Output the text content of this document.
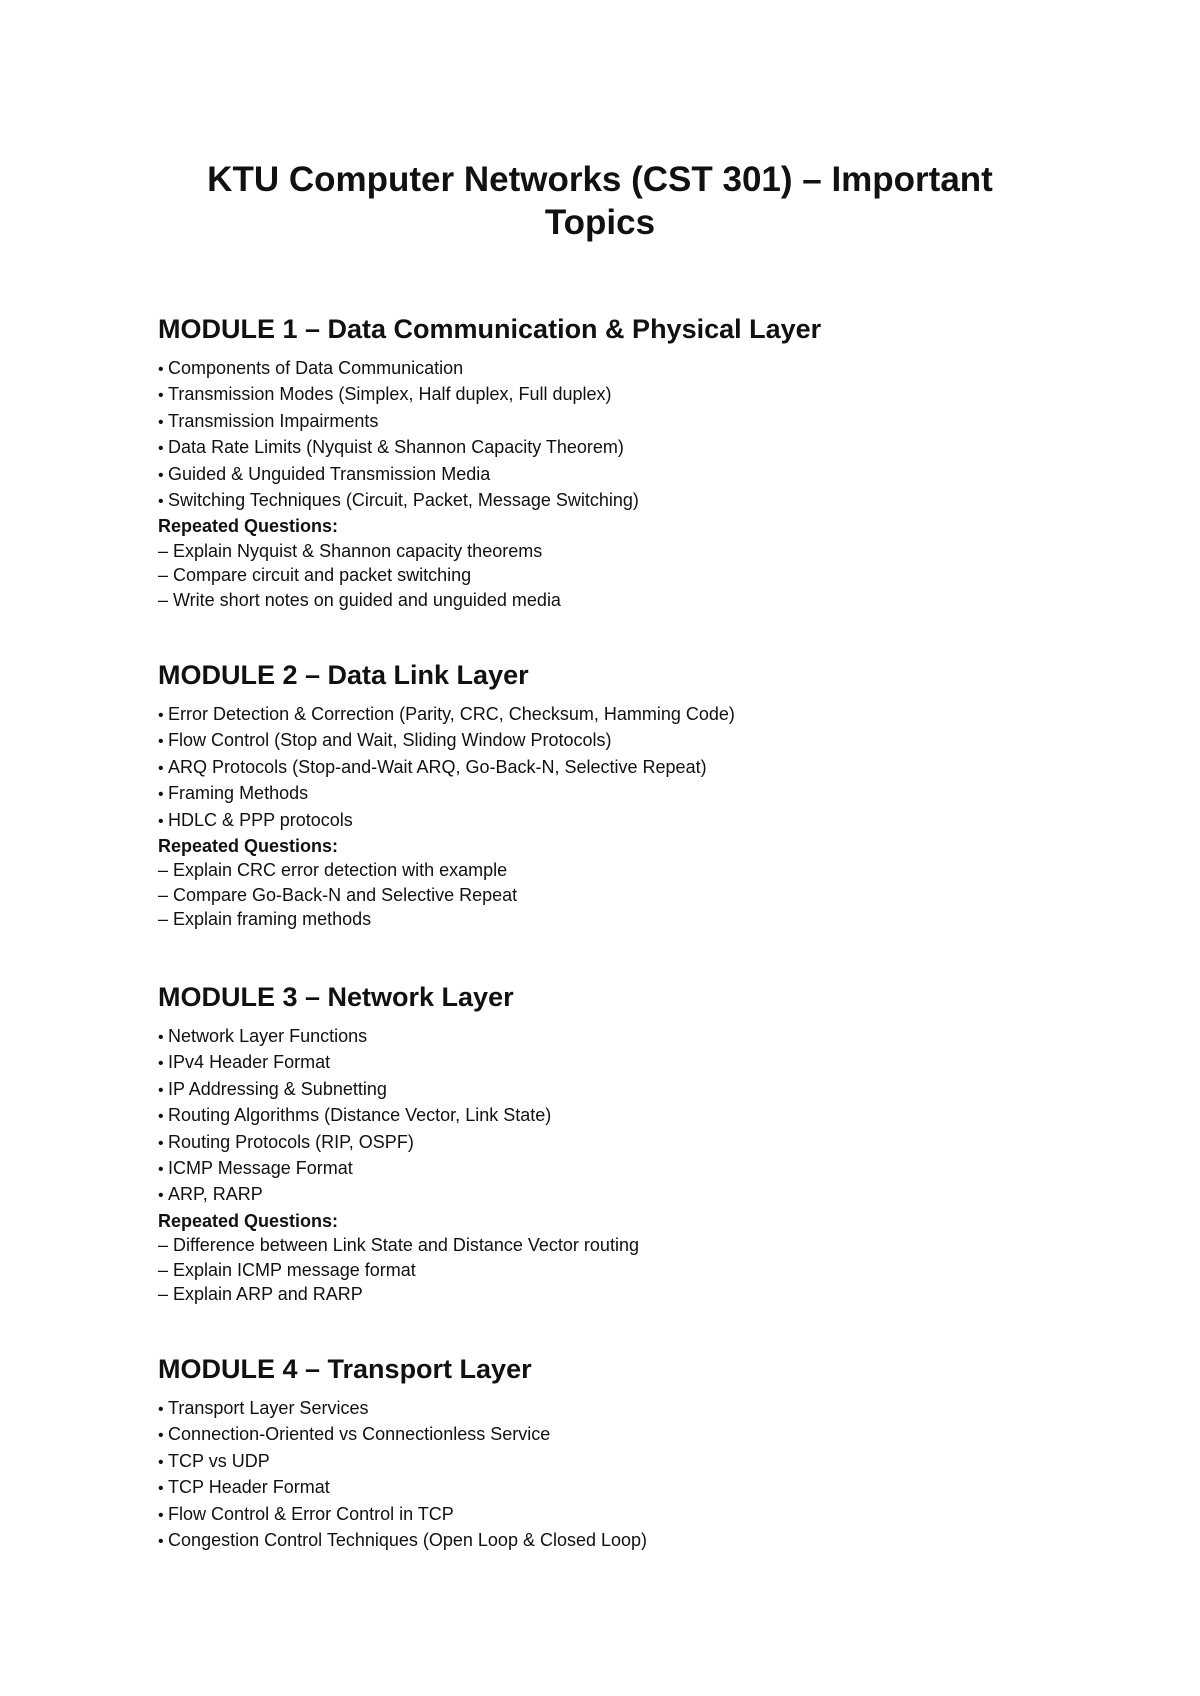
KTU Computer Networks (CST 301) – Important Topics
MODULE 1 – Data Communication & Physical Layer
• Components of Data Communication
• Transmission Modes (Simplex, Half duplex, Full duplex)
• Transmission Impairments
• Data Rate Limits (Nyquist & Shannon Capacity Theorem)
• Guided & Unguided Transmission Media
• Switching Techniques (Circuit, Packet, Message Switching)
Repeated Questions:
– Explain Nyquist & Shannon capacity theorems
– Compare circuit and packet switching
– Write short notes on guided and unguided media
MODULE 2 – Data Link Layer
• Error Detection & Correction (Parity, CRC, Checksum, Hamming Code)
• Flow Control (Stop and Wait, Sliding Window Protocols)
• ARQ Protocols (Stop-and-Wait ARQ, Go-Back-N, Selective Repeat)
• Framing Methods
• HDLC & PPP protocols
Repeated Questions:
– Explain CRC error detection with example
– Compare Go-Back-N and Selective Repeat
– Explain framing methods
MODULE 3 – Network Layer
• Network Layer Functions
• IPv4 Header Format
• IP Addressing & Subnetting
• Routing Algorithms (Distance Vector, Link State)
• Routing Protocols (RIP, OSPF)
• ICMP Message Format
• ARP, RARP
Repeated Questions:
– Difference between Link State and Distance Vector routing
– Explain ICMP message format
– Explain ARP and RARP
MODULE 4 – Transport Layer
• Transport Layer Services
• Connection-Oriented vs Connectionless Service
• TCP vs UDP
• TCP Header Format
• Flow Control & Error Control in TCP
• Congestion Control Techniques (Open Loop & Closed Loop)
